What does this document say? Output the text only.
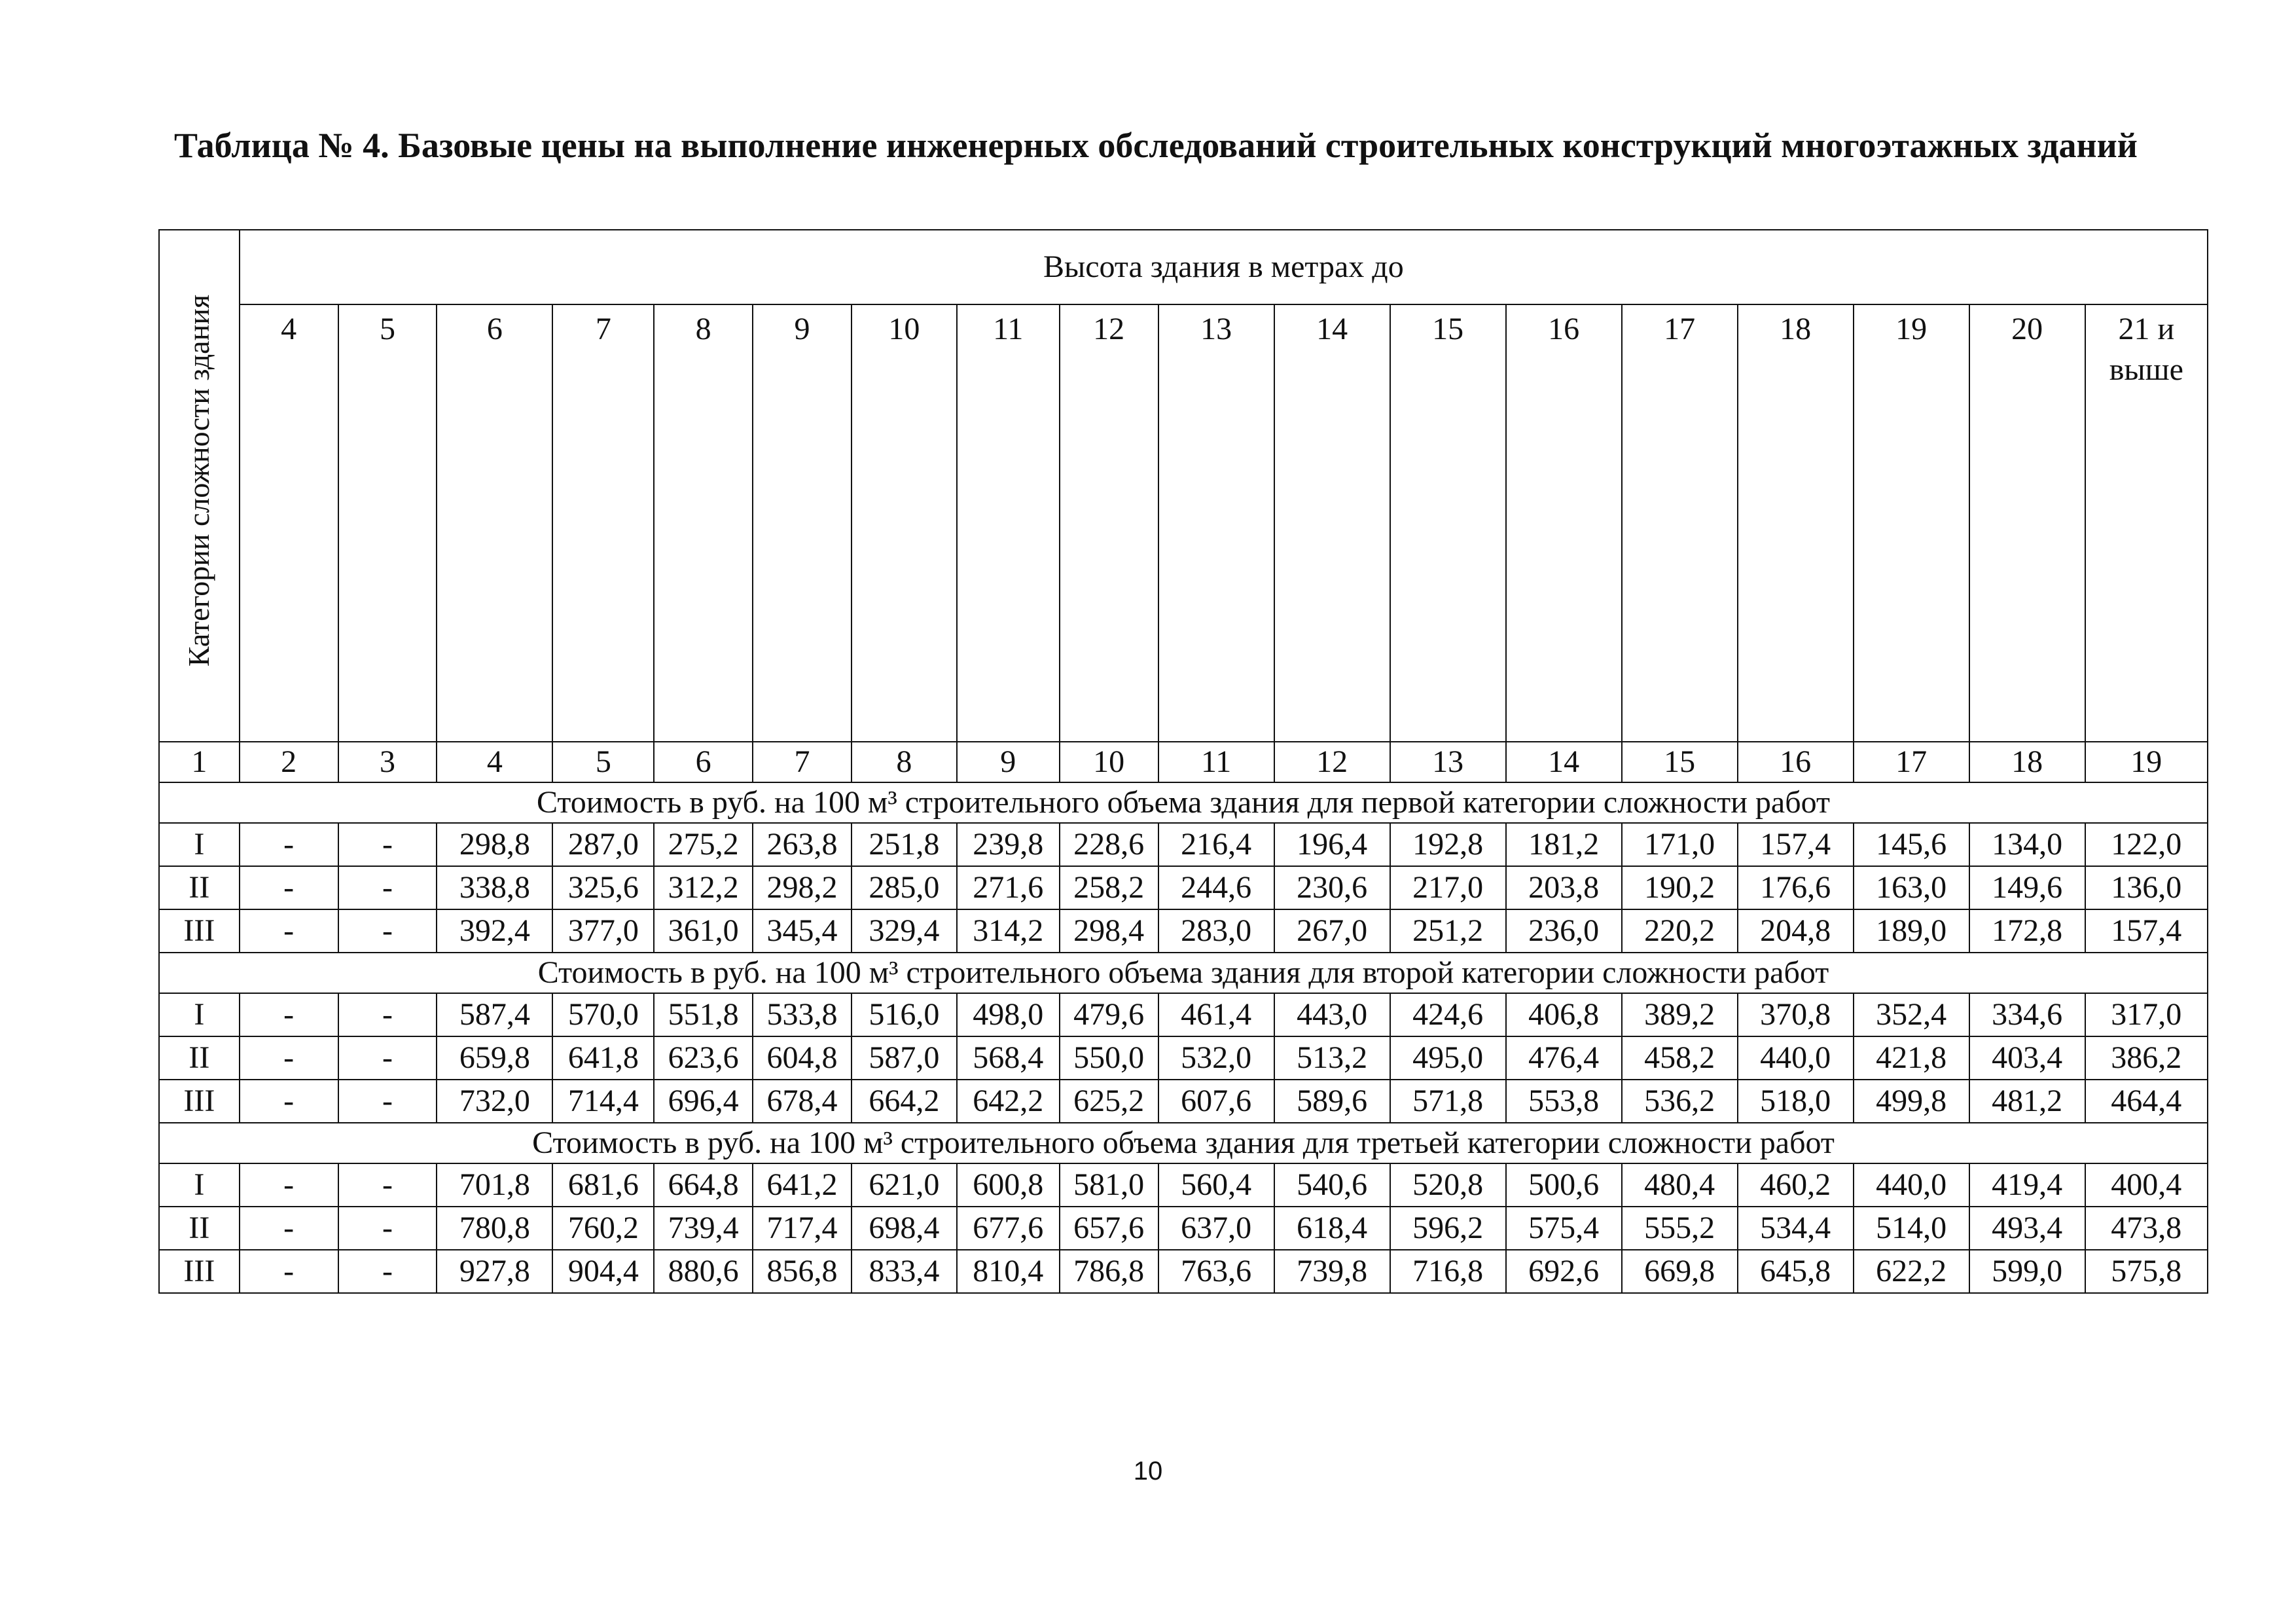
Таблица № 4. Базовые цены на выполнение инженерных обследований строительных конструкций многоэтажных зданий
Категории сложности здания	Высота здания в метрах до																	
	4	5	6	7	8	9	10	11	12	13	14	15	16	17	18	19	20	21 и выше
1	2	3	4	5	6	7	8	9	10	11	12	13	14	15	16	17	18	19
Стоимость в руб. на 100 м³ строительного объема здания для первой категории сложности работ																		
I	-	-	298,8	287,0	275,2	263,8	251,8	239,8	228,6	216,4	196,4	192,8	181,2	171,0	157,4	145,6	134,0	122,0
II	-	-	338,8	325,6	312,2	298,2	285,0	271,6	258,2	244,6	230,6	217,0	203,8	190,2	176,6	163,0	149,6	136,0
III	-	-	392,4	377,0	361,0	345,4	329,4	314,2	298,4	283,0	267,0	251,2	236,0	220,2	204,8	189,0	172,8	157,4
Стоимость в руб. на 100 м³ строительного объема здания для второй категории сложности работ																		
I	-	-	587,4	570,0	551,8	533,8	516,0	498,0	479,6	461,4	443,0	424,6	406,8	389,2	370,8	352,4	334,6	317,0
II	-	-	659,8	641,8	623,6	604,8	587,0	568,4	550,0	532,0	513,2	495,0	476,4	458,2	440,0	421,8	403,4	386,2
III	-	-	732,0	714,4	696,4	678,4	664,2	642,2	625,2	607,6	589,6	571,8	553,8	536,2	518,0	499,8	481,2	464,4
Стоимость в руб. на 100 м³ строительного объема здания для третьей категории сложности работ																		
I	-	-	701,8	681,6	664,8	641,2	621,0	600,8	581,0	560,4	540,6	520,8	500,6	480,4	460,2	440,0	419,4	400,4
II	-	-	780,8	760,2	739,4	717,4	698,4	677,6	657,6	637,0	618,4	596,2	575,4	555,2	534,4	514,0	493,4	473,8
III	-	-	927,8	904,4	880,6	856,8	833,4	810,4	786,8	763,6	739,8	716,8	692,6	669,8	645,8	622,2	599,0	575,8
10
